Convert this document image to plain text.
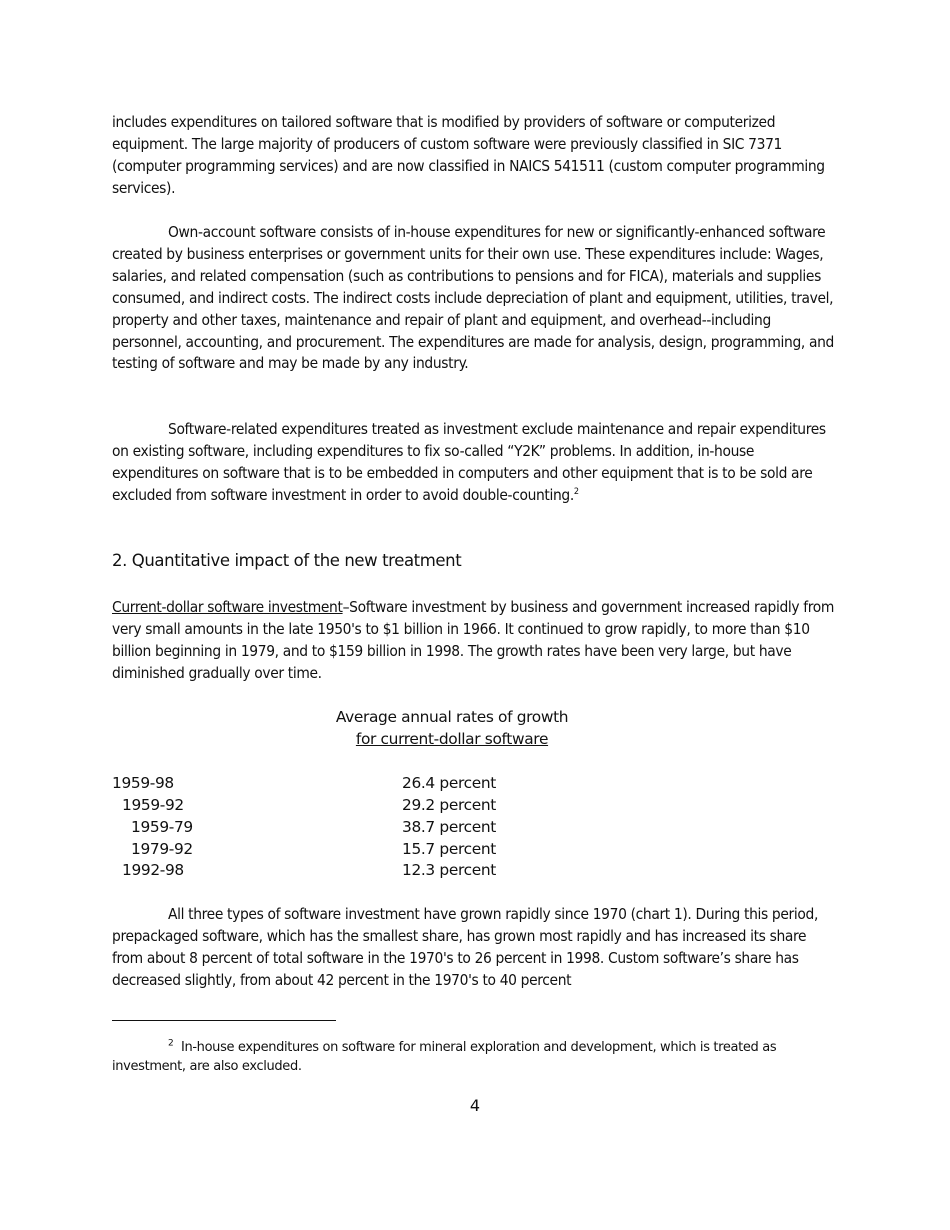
includes expenditures on tailored software that is modified by providers of software or computerized equipment. The large majority of producers of custom software were previously classified in SIC 7371 (computer programming services) and are now classified in NAICS 541511 (custom computer programming services).

Own-account software consists of in-house expenditures for new or significantly-enhanced software created by business enterprises or government units for their own use. These expenditures include: Wages, salaries, and related compensation (such as contributions to pensions and for FICA), materials and supplies consumed, and indirect costs. The indirect costs include depreciation of plant and equipment, utilities, travel, property and other taxes, maintenance and repair of plant and equipment, and overhead--including personnel, accounting, and procurement. The expenditures are made for analysis, design, programming, and testing of software and may be made by any industry.

Software-related expenditures treated as investment exclude maintenance and repair expenditures on existing software, including expenditures to fix so-called “Y2K” problems. In addition, in-house expenditures on software that is to be embedded in computers and other equipment that is to be sold are excluded from software investment in order to avoid double-counting.$^2$

2. Quantitative impact of the new treatment

Current-dollar software investment–Software investment by business and government increased rapidly from very small amounts in the late 1950's to $1 billion in 1966. It continued to grow rapidly, to more than $10 billion beginning in 1979, and to $159 billion in 1998. The growth rates have been very large, but have diminished gradually over time.

Average annual rates of growth
for current-dollar software
1959-98	26.4 percent
1959-92	29.2 percent
1959-79	38.7 percent
1979-92	15.7 percent
1992-98	12.3 percent

All three types of software investment have grown rapidly since 1970 (chart 1). During this period, prepackaged software, which has the smallest share, has grown most rapidly and has increased its share from about 8 percent of total software in the 1970's to 26 percent in 1998. Custom software’s share has decreased slightly, from about 42 percent in the 1970's to 40 percent

$^2$ In-house expenditures on software for mineral exploration and development, which is treated as investment, are also excluded.
4
